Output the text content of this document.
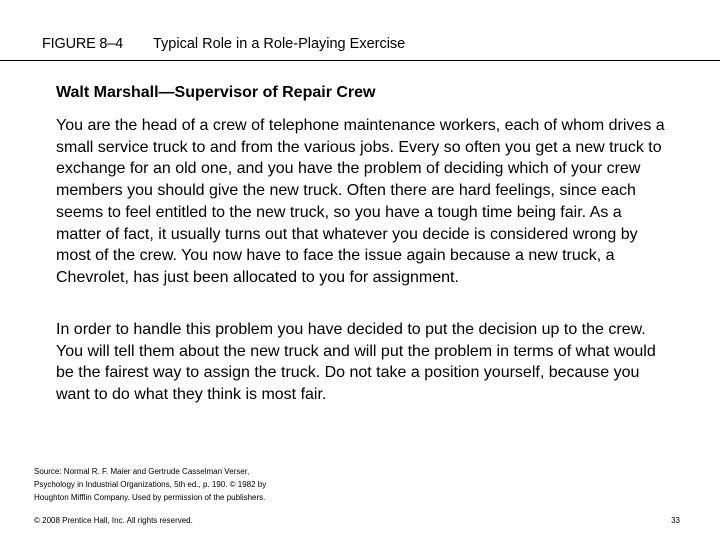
FIGURE 8–4 Typical Role in a Role-Playing Exercise
Walt Marshall—Supervisor of Repair Crew

You are the head of a crew of telephone maintenance workers, each of whom drives a small service truck to and from the various jobs. Every so often you get a new truck to exchange for an old one, and you have the problem of deciding which of your crew members you should give the new truck. Often there are hard feelings, since each seems to feel entitled to the new truck, so you have a tough time being fair. As a matter of fact, it usually turns out that whatever you decide is considered wrong by most of the crew. You now have to face the issue again because a new truck, a Chevrolet, has just been allocated to you for assignment.

In order to handle this problem you have decided to put the decision up to the crew. You will tell them about the new truck and will put the problem in terms of what would be the fairest way to assign the truck. Do not take a position yourself, because you want to do what they think is most fair.

Source: Normal R. F. Maier and Gertrude Casselman Verser,
Psychology in Industrial Organizations, 5th ed., p. 190. © 1982 by
Houghton Mifflin Company. Used by permission of the publishers.
© 2008 Prentice Hall, Inc. All rights reserved.	33
